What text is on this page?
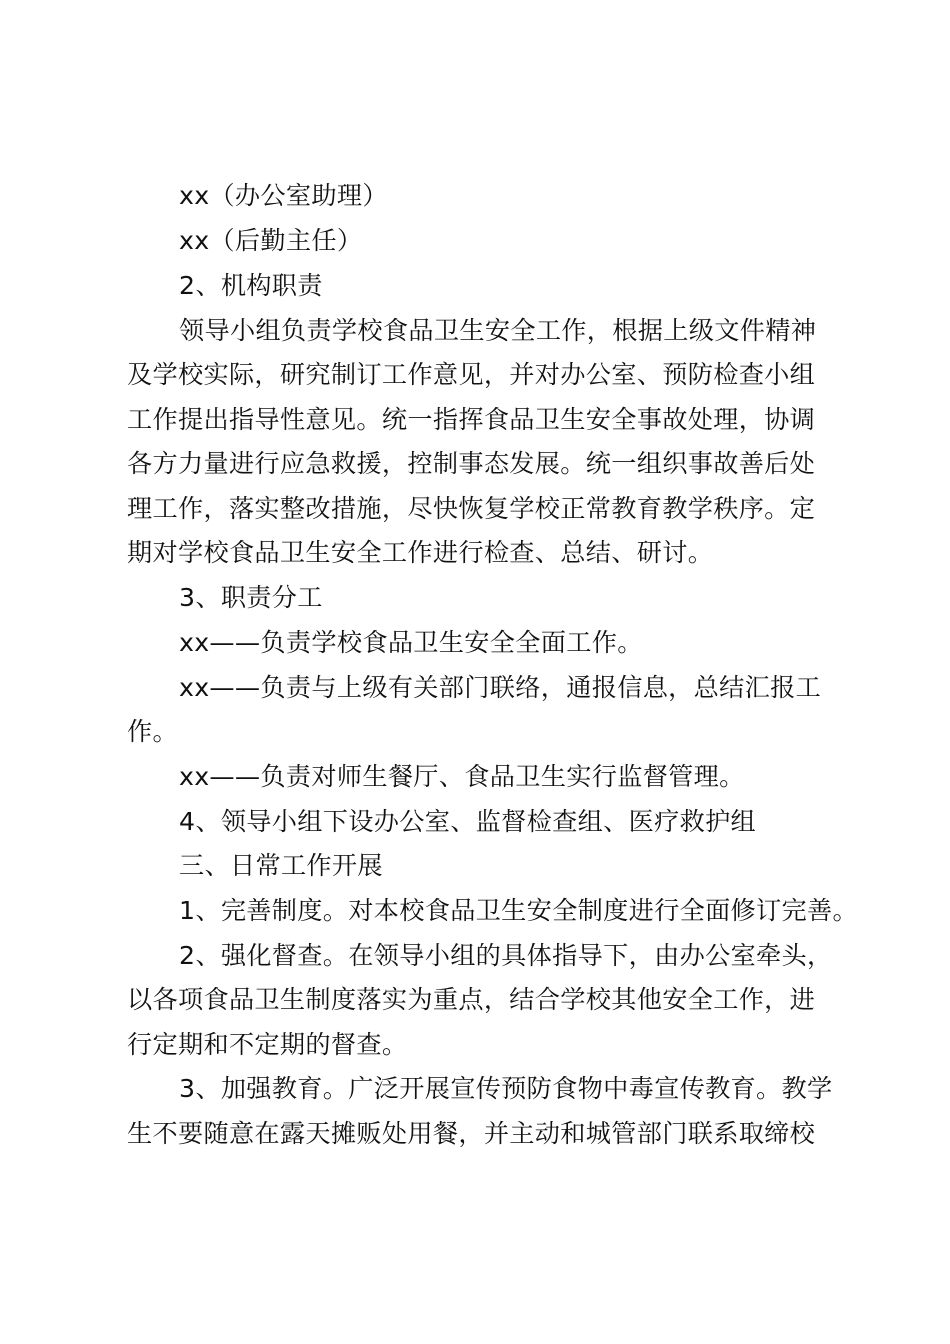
xx（办公室助理）
xx（后勤主任）
2、机构职责
领导小组负责学校食品卫生安全工作，根据上级文件精神
及学校实际，研究制订工作意见，并对办公室、预防检查小组
工作提出指导性意见。统一指挥食品卫生安全事故处理，协调
各方力量进行应急救援，控制事态发展。统一组织事故善后处
理工作，落实整改措施，尽快恢复学校正常教育教学秩序。定
期对学校食品卫生安全工作进行检查、总结、研讨。
3、职责分工
xx——负责学校食品卫生安全全面工作。
xx——负责与上级有关部门联络，通报信息，总结汇报工
作。
xx——负责对师生餐厅、食品卫生实行监督管理。
4、领导小组下设办公室、监督检查组、医疗救护组
三、日常工作开展
1、完善制度。对本校食品卫生安全制度进行全面修订完善。
2、强化督查。在领导小组的具体指导下，由办公室牵头，
以各项食品卫生制度落实为重点，结合学校其他安全工作，进
行定期和不定期的督查。
3、加强教育。广泛开展宣传预防食物中毒宣传教育。教学
生不要随意在露天摊贩处用餐，并主动和城管部门联系取缔校
